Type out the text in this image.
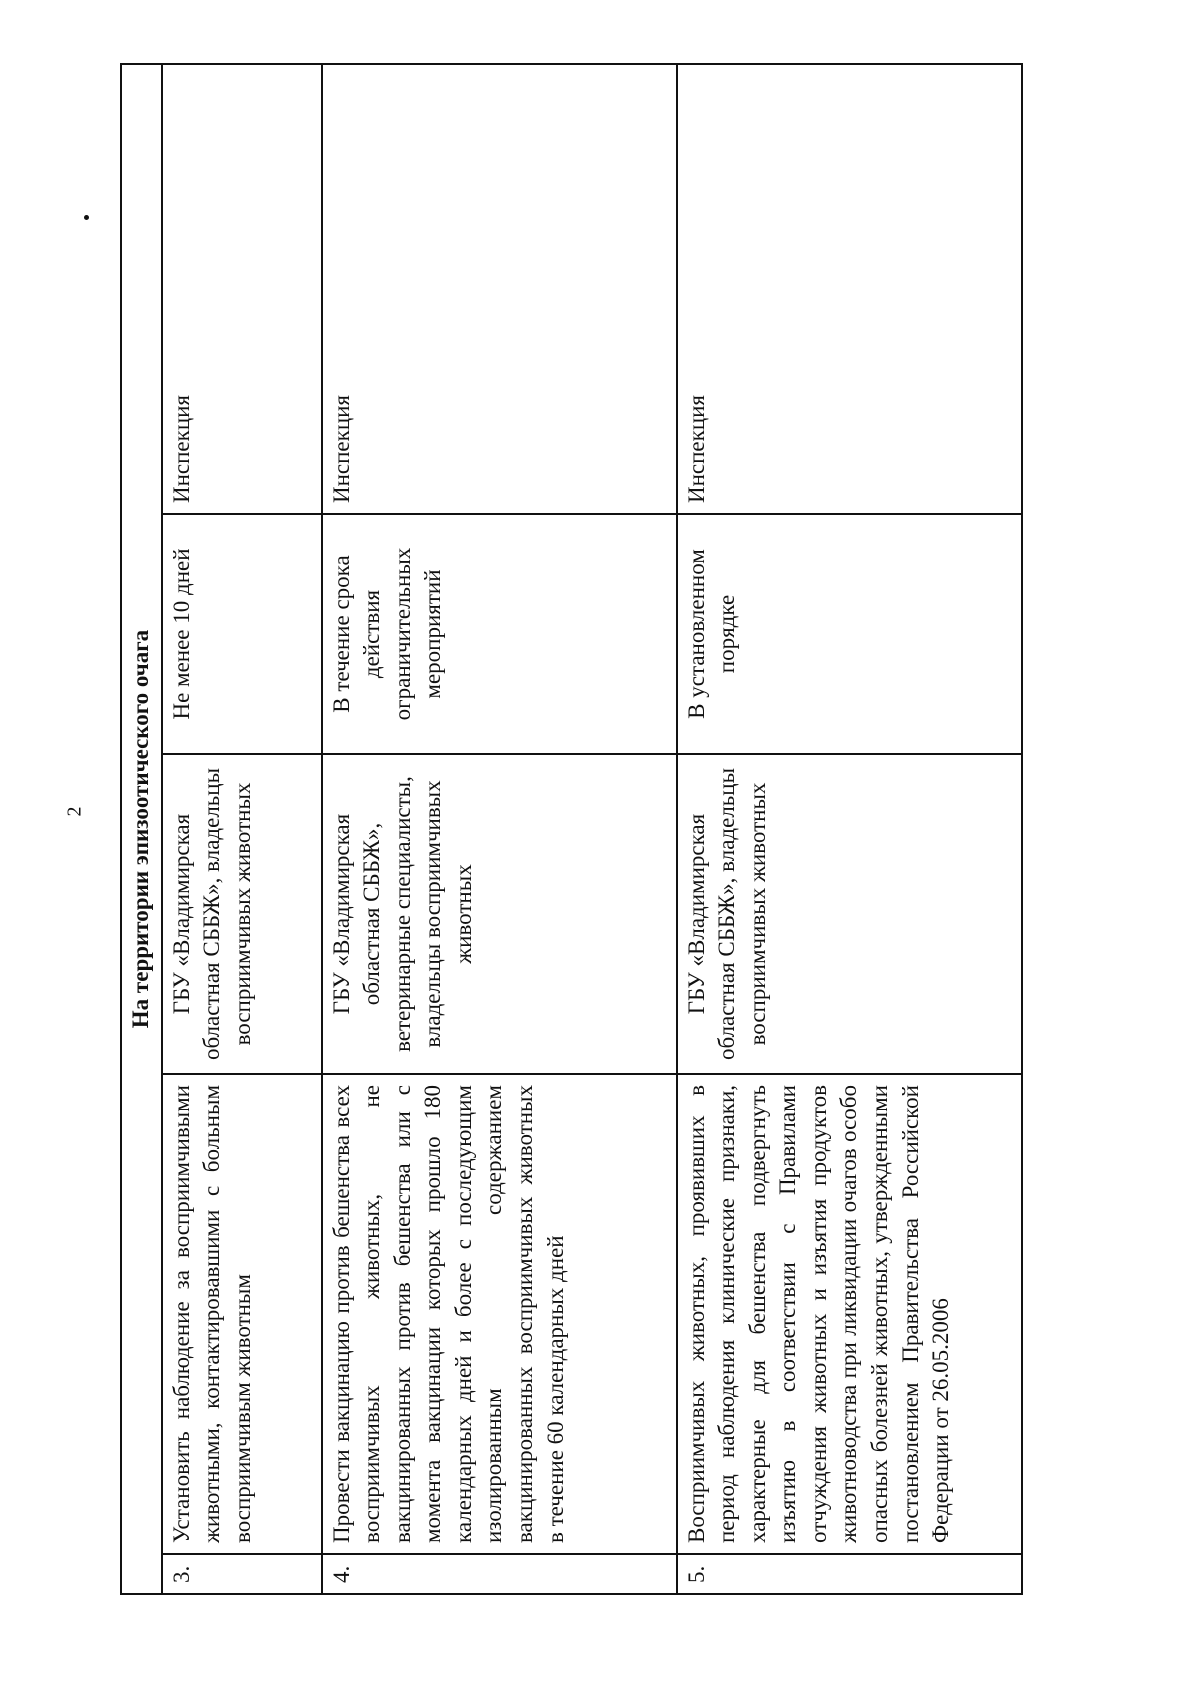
2 На территории эпизоотического очага				
3.	Установить наблюдение за восприимчивыми животными, контактировавшими с больным восприимчивым животным	ГБУ «Владимирская областная СББЖ», владельцы восприимчивых животных	Не менее 10 дней	Инспекция
4.	Провести вакцинацию против бешенства всех восприимчивых животных, не вакцинированных против бешенства или с момента вакцинации которых прошло 180 календарных дней и более с последующим изолированным содержанием вакцинированных восприимчивых животных в течение 60 календарных дней	ГБУ «Владимирская областная СББЖ», ветеринарные специалисты, владельцы восприимчивых животных	В течение срока действия ограничительных мероприятий	Инспекция
5.	Восприимчивых животных, проявивших в период наблюдения клинические признаки, характерные для бешенства подвергнуть изъятию в соответствии с Правилами отчуждения животных и изъятия продуктов животноводства при ликвидации очагов особо опасных болезней животных, утвержденными постановлением Правительства Российской Федерации от 26.05.2006	ГБУ «Владимирская областная СББЖ», владельцы восприимчивых животных	В установленном порядке	Инспекция
